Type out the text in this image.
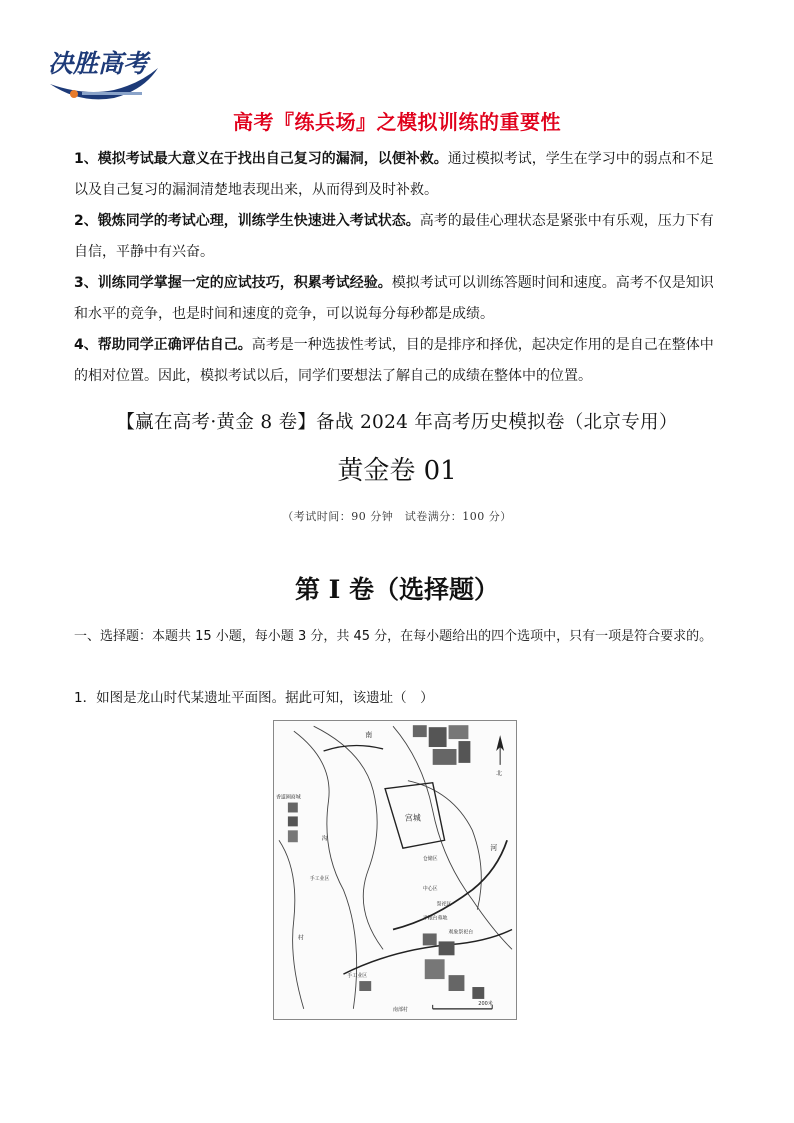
决胜高考
高考『练兵场』之模拟训练的重要性
1、模拟考试最大意义在于找出自己复习的漏洞，以便补救。通过模拟考试，学生在学习中的弱点和不足以及自己复习的漏洞清楚地表现出来，从而得到及时补救。
2、锻炼同学的考试心理，训练学生快速进入考试状态。高考的最佳心理状态是紧张中有乐观，压力下有自信，平静中有兴奋。
3、训练同学掌握一定的应试技巧，积累考试经验。模拟考试可以训练答题时间和速度。高考不仅是知识和水平的竞争，也是时间和速度的竞争，可以说每分每秒都是成绩。
4、帮助同学正确评估自己。高考是一种选拔性考试，目的是排序和择优，起决定作用的是自己在整体中的相对位置。因此，模拟考试以后，同学们要想法了解自己的成绩在整体中的位置。
【赢在高考·黄金 8 卷】备战 2024 年高考历史模拟卷（北京专用）
黄金卷 01
（考试时间：90 分钟　试卷满分：100 分）
第 I 卷（选择题）
一、选择题：本题共 15 小题，每小题 3 分，共 45 分，在每小题给出的四个选项中，只有一项是符合要求的。
1．如图是龙山时代某遗址平面图。据此可知，该遗址（　）
南
北
宫城
香道圈商城
仓储区
中心区
手工业区
村
沟
河
平粮台墓地
祭祀区
观象祭祀台
手工业区
南部村
200米
